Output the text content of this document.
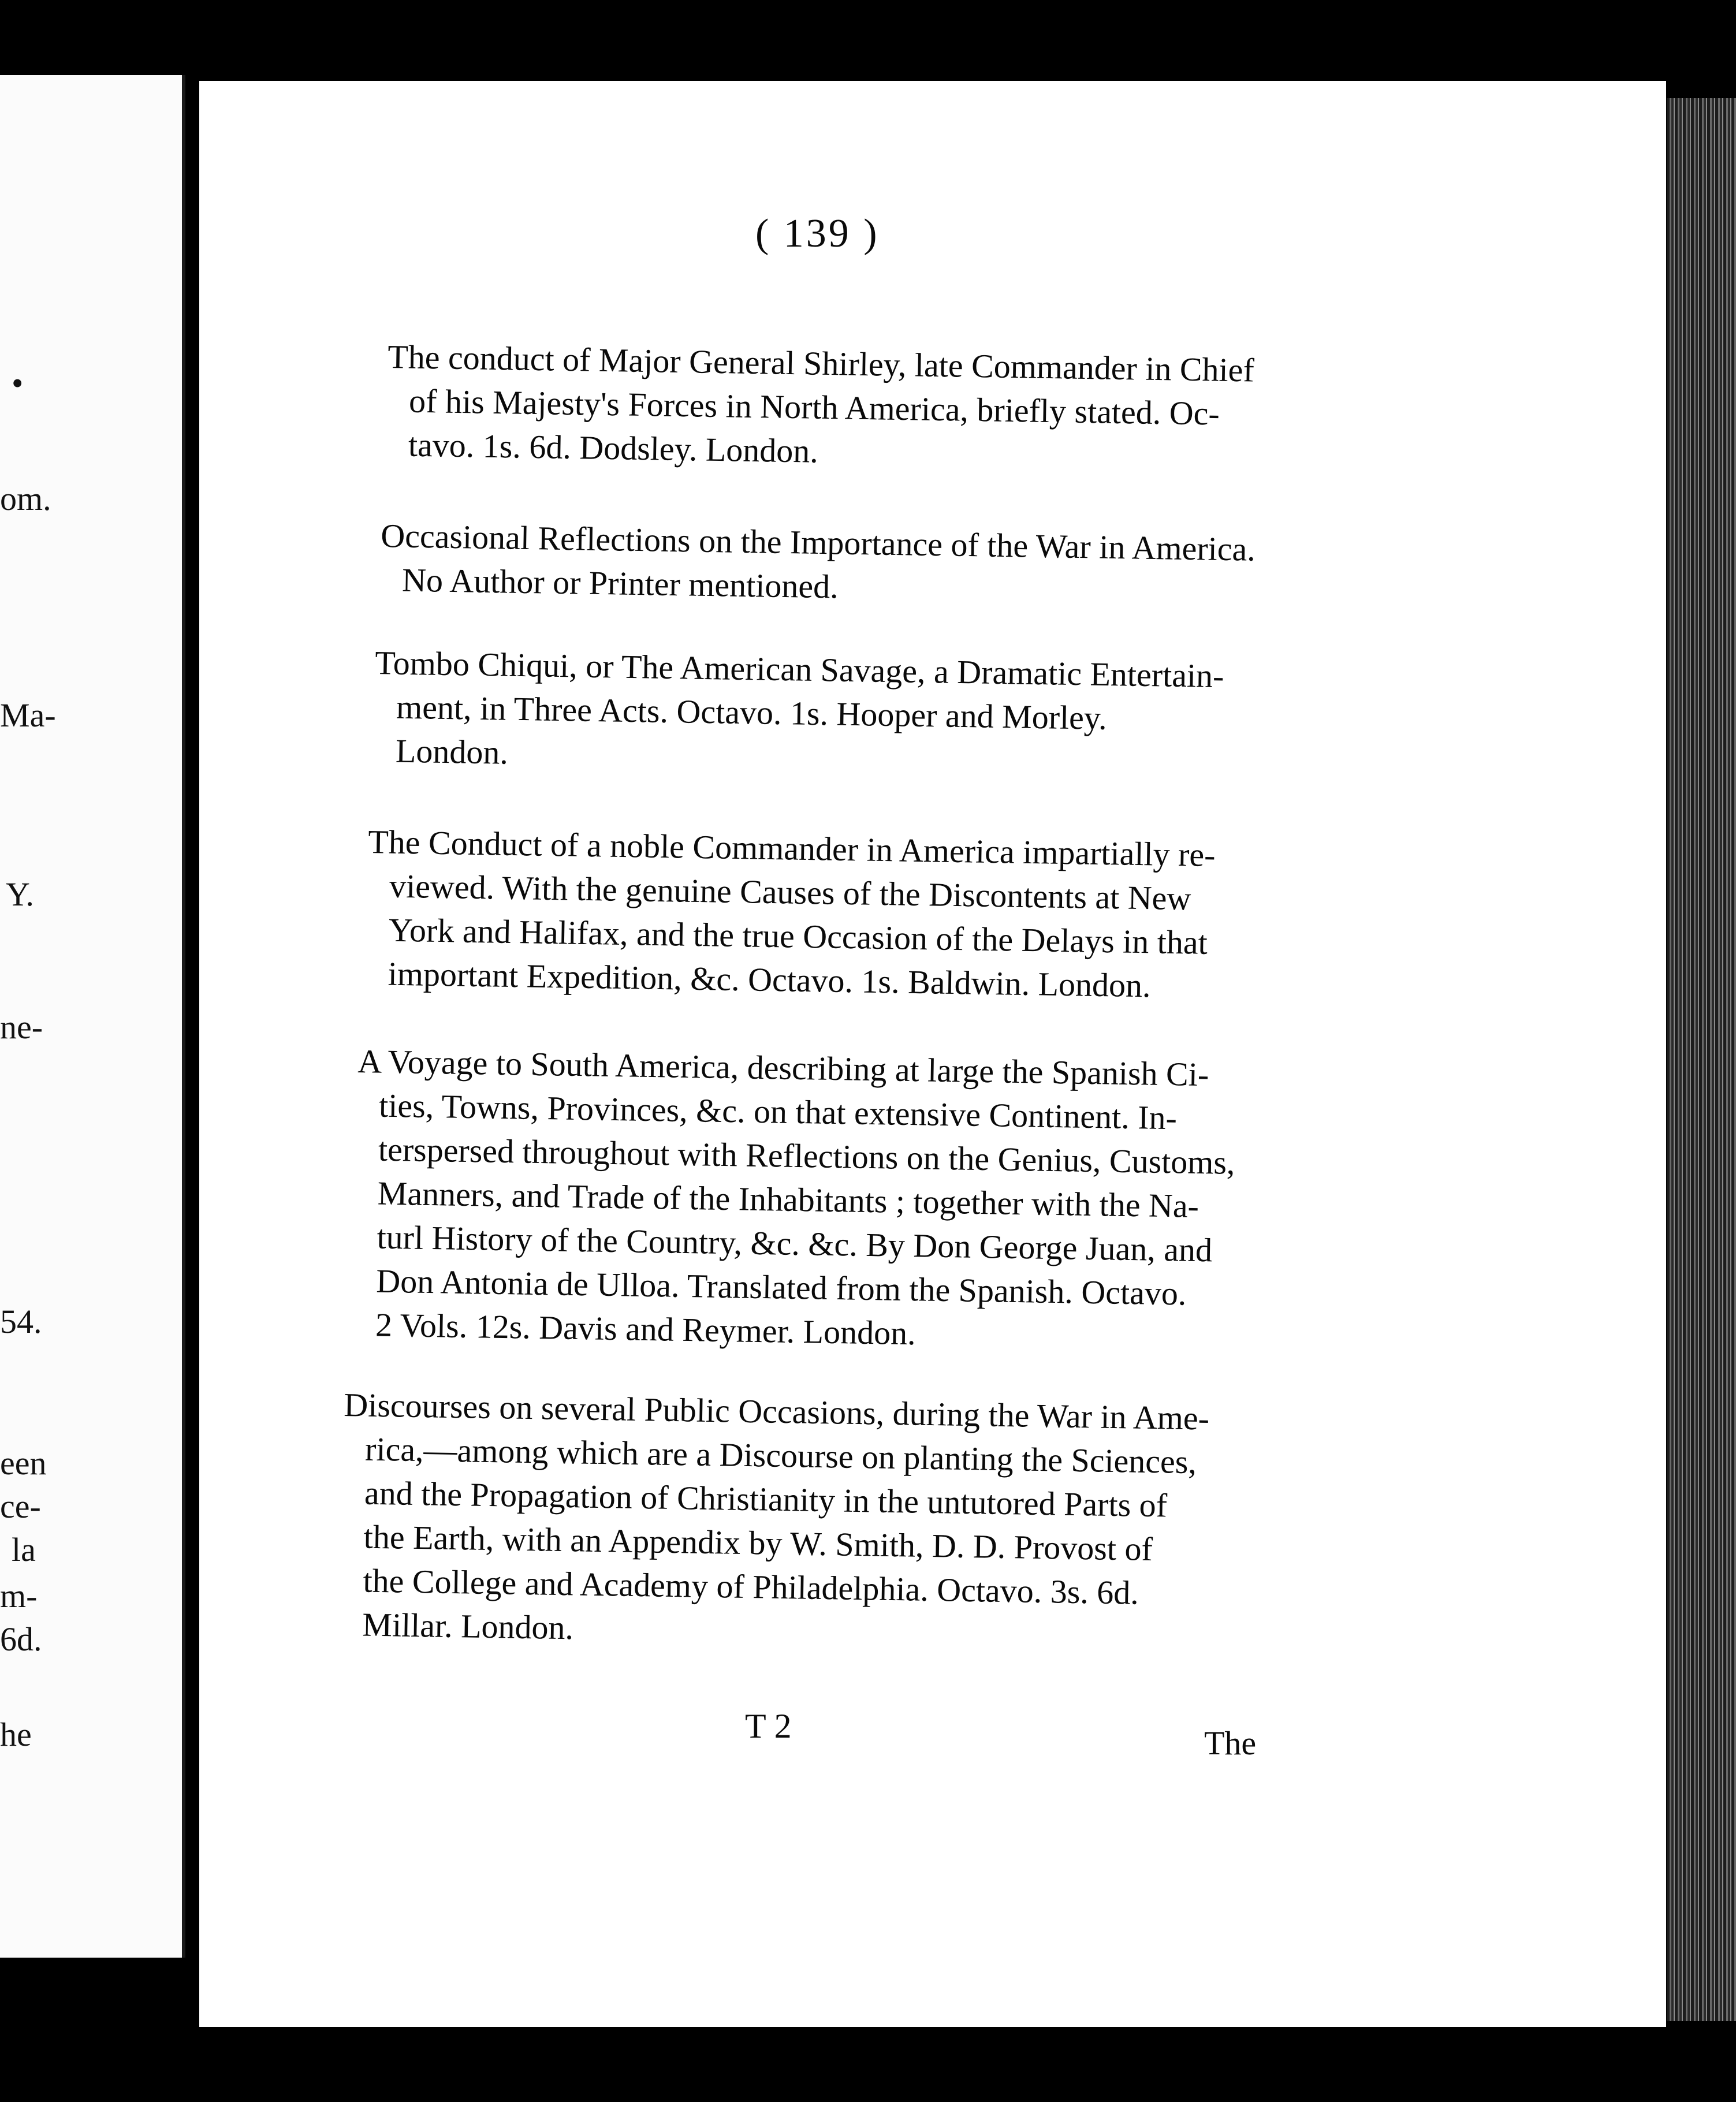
•
om.
Ma-
Y.
ne-
54.
een
ce-
la
m-
6d.
he
( 139 )
The conduct of Major General Shirley, late Commander in Chief
of his Majesty's Forces in North America, briefly stated. Oc-
tavo. 1s. 6d. Dodsley. London.
Occasional Reflections on the Importance of the War in America.
No Author or Printer mentioned.
Tombo Chiqui, or The American Savage, a Dramatic Entertain-
ment, in Three Acts. Octavo. 1s. Hooper and Morley.
London.
The Conduct of a noble Commander in America impartially re-
viewed. With the genuine Causes of the Discontents at New
York and Halifax, and the true Occasion of the Delays in that
important Expedition, &c. Octavo. 1s. Baldwin. London.
A Voyage to South America, describing at large the Spanish Ci-
ties, Towns, Provinces, &c. on that extensive Continent. In-
terspersed throughout with Reflections on the Genius, Customs,
Manners, and Trade of the Inhabitants ; together with the Na-
turl History of the Country, &c. &c. By Don George Juan, and
Don Antonia de Ulloa. Translated from the Spanish. Octavo.
2 Vols. 12s. Davis and Reymer. London.
Discourses on several Public Occasions, during the War in Ame-
rica,—among which are a Discourse on planting the Sciences,
and the Propagation of Christianity in the untutored Parts of
the Earth, with an Appendix by W. Smith, D. D. Provost of
the College and Academy of Philadelphia. Octavo. 3s. 6d.
Millar. London.
T 2	The
